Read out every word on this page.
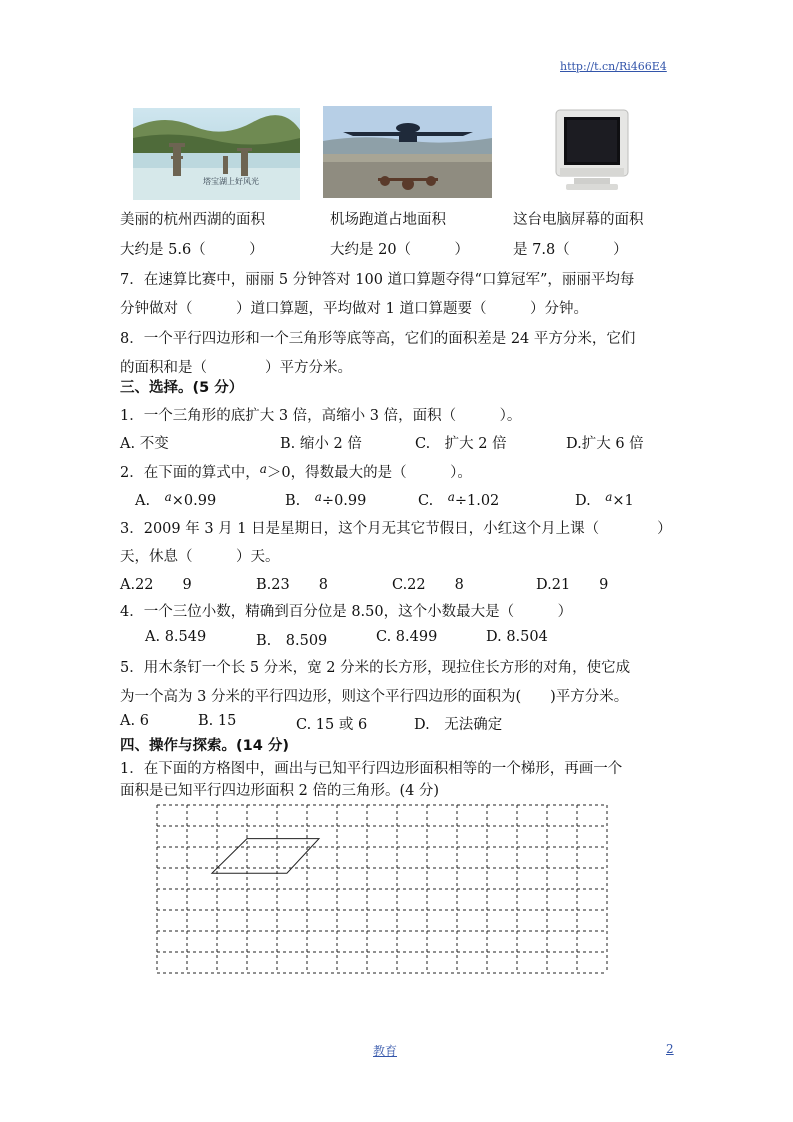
http://t.cn/Ri466E4
塔宝湖上好风光
美丽的杭州西湖的面积	机场跑道占地面积	这台电脑屏幕的面积
大约是 5.6（　　　）	大约是 20（　　　）	是 7.8（　　　）
7．在速算比赛中，丽丽 5 分钟答对 100 道口算题夺得“口算冠军”，丽丽平均每
分钟做对（　　　）道口算题，平均做对 1 道口算题要（　　　）分钟。
8．一个平行四边形和一个三角形等底等高，它们的面积差是 24 平方分米，它们
的面积和是（　　　　）平方分米。
三、选择。(5 分）
1．一个三角形的底扩大 3 倍，高缩小 3 倍，面积（　　　）。
A. 不变	B. 缩小 2 倍	C.　扩大 2 倍	D.扩大 6 倍
2．在下面的算式中，$^a$＞0，得数最大的是（　　　）。
A.　 $^a$×0.99	B.　 $^a$÷0.99	C.　 $^a$÷1.02	D.　 $^a$×1
3．2009 年 3 月 1 日是星期日，这个月无其它节假日，小红这个月上课（　　　　）
天，休息（　　　）天。
A.22　　9	B.23　　8	C.22　　8	D.21　　9
4．一个三位小数，精确到百分位是 8.50，这个小数最大是（　　　）
A. 8.549	B.　8.509	C. 8.499	D. 8.504
5．用木条钉一个长 5 分米，宽 2 分米的长方形，现拉住长方形的对角，使它成
为一个高为 3 分米的平行四边形，则这个平行四边形的面积为(　　)平方分米。
A. 6	B. 15	C. 15 或 6	D.　无法确定
四、操作与探索。(14 分)
1．在下面的方格图中，画出与已知平行四边形面积相等的一个梯形，再画一个
面积是已知平行四边形面积 2 倍的三角形。(4 分)
教育	2
